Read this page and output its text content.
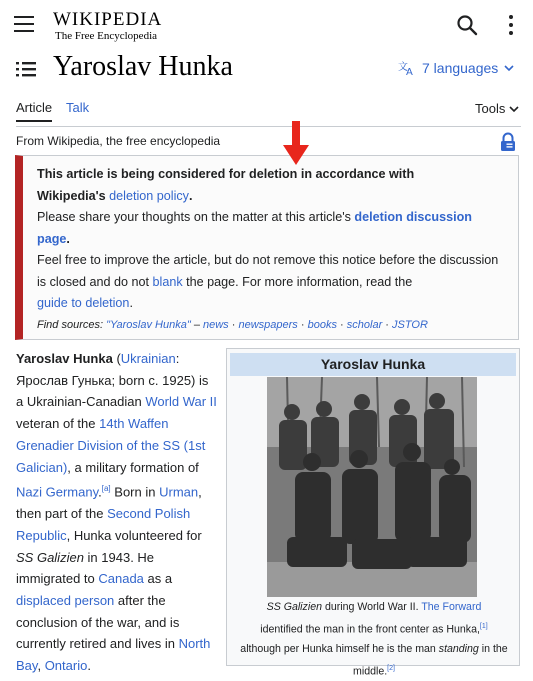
WIKIPEDIA
The Free Encyclopedia
Yaroslav Hunka	文
A 7 languages
Article Talk	Tools
From Wikipedia, the free encyclopedia
This article is being considered for deletion in accordance with
Wikipedia's deletion policy.
Please share your thoughts on the matter at this article's deletion discussion
page.
Feel free to improve the article, but do not remove this notice before the discussion is closed and do not blank the page. For more information, read the
guide to deletion.
Find sources: "Yaroslav Hunka" – news · newspapers · books · scholar · JSTOR
Yaroslav Hunka (Ukrainian: Ярослав Гунька; born c. 1925) is a Ukrainian-Canadian World War II veteran of the 14th Waffen Grenadier Division of the SS (1st Galician), a military formation of Nazi Germany.[a] Born in Urman, then part of the Second Polish Republic, Hunka volunteered for SS Galizien in 1943. He immigrated to Canada as a displaced person after the conclusion of the war, and is currently retired and lives in North Bay, Ontario.
Yaroslav Hunka
SS Galizien during World War II. The Forward
identified the man in the front center as Hunka,[1]
although per Hunka himself he is the man standing in the
middle.[2]
